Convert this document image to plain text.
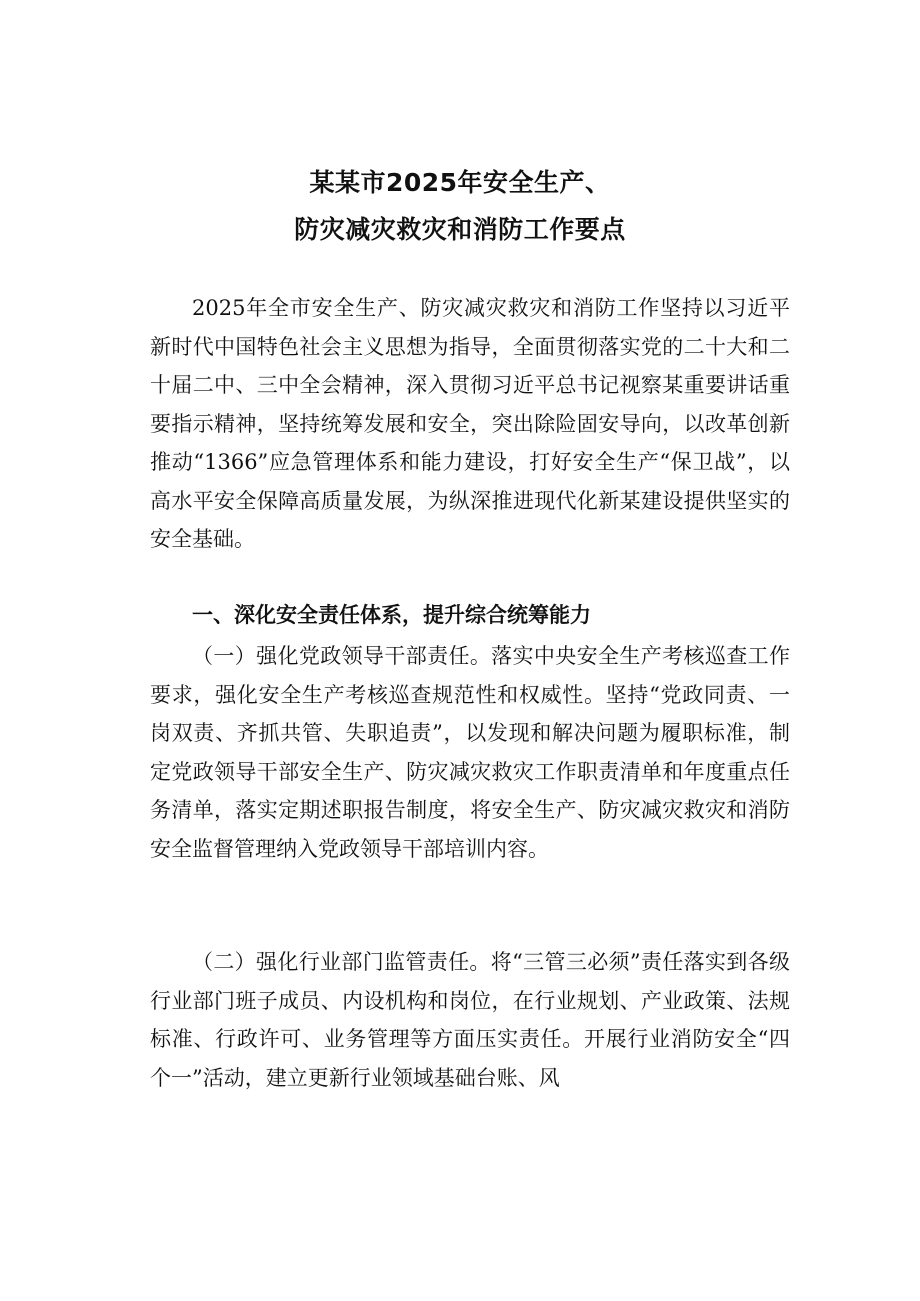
某某市2025年安全生产、
防灾减灾救灾和消防工作要点

2025年全市安全生产、防灾减灾救灾和消防工作坚持以习近平新时代中国特色社会主义思想为指导，全面贯彻落实党的二十大和二十届二中、三中全会精神，深入贯彻习近平总书记视察某重要讲话重要指示精神，坚持统筹发展和安全，突出除险固安导向，以改革创新推动“1366”应急管理体系和能力建设，打好安全生产“保卫战”，以高水平安全保障高质量发展，为纵深推进现代化新某建设提供坚实的安全基础。

一、深化安全责任体系，提升综合统筹能力

（一）强化党政领导干部责任。落实中央安全生产考核巡查工作要求，强化安全生产考核巡查规范性和权威性。坚持“党政同责、一岗双责、齐抓共管、失职追责”，以发现和解决问题为履职标准，制定党政领导干部安全生产、防灾减灾救灾工作职责清单和年度重点任务清单，落实定期述职报告制度，将安全生产、防灾减灾救灾和消防安全监督管理纳入党政领导干部培训内容。

（二）强化行业部门监管责任。将“三管三必须”责任落实到各级行业部门班子成员、内设机构和岗位，在行业规划、产业政策、法规标准、行政许可、业务管理等方面压实责任。开展行业消防安全“四个一”活动，建立更新行业领域基础台账、风
